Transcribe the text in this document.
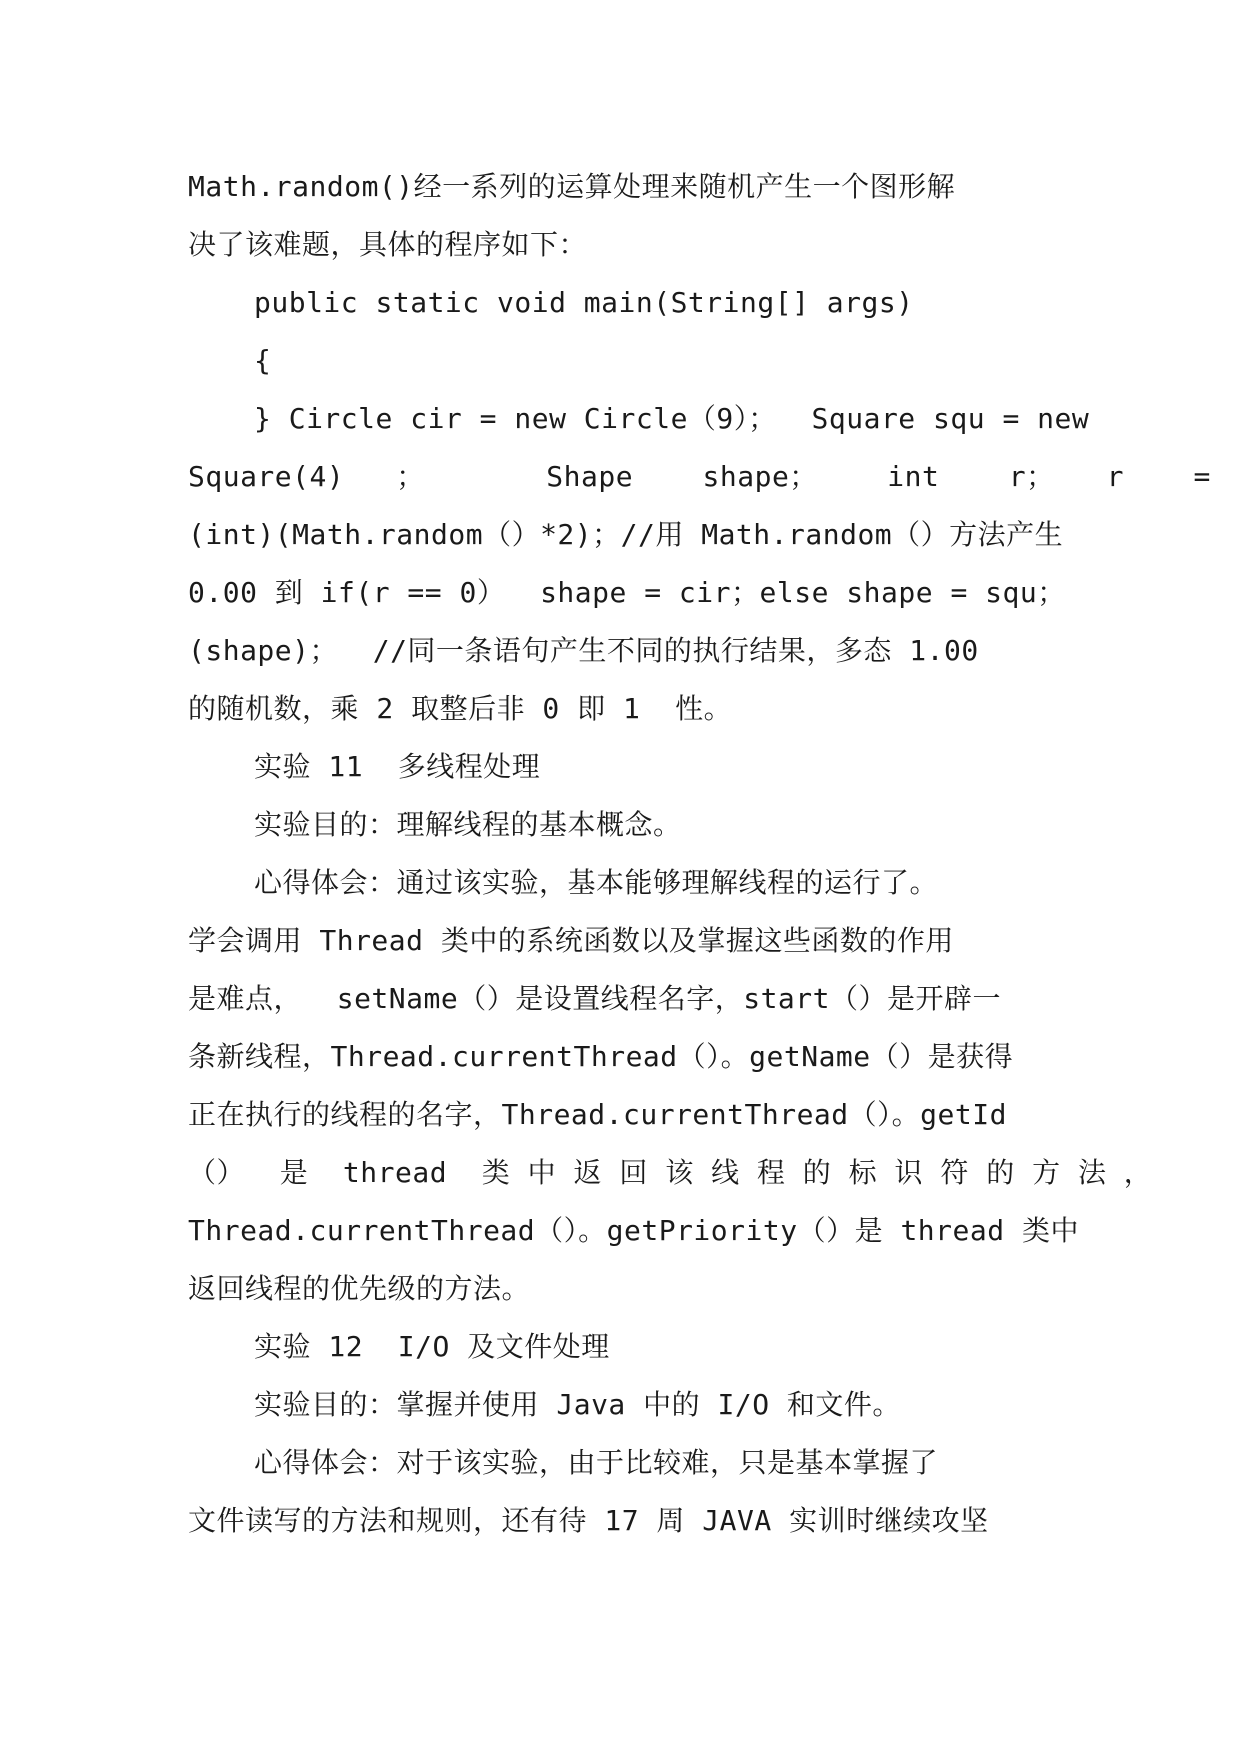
Math.random()经一系列的运算处理来随机产生一个图形解
决了该难题，具体的程序如下：
public static void main(String[] args)
{
} Circle cir = new Circle（9）；  Square squ = new
Square(4)   ；       Shape    shape；    int    r；   r    =
(int)(Math.random（）*2)；//用 Math.random（）方法产生
0.00 到 if(r == 0）  shape = cir；else shape = squ；
(shape)；  //同一条语句产生不同的执行结果，多态 1.00
的随机数，乘 2 取整后非 0 即 1  性。
实验 11  多线程处理
实验目的：理解线程的基本概念。
心得体会：通过该实验，基本能够理解线程的运行了。
学会调用 Thread 类中的系统函数以及掌握这些函数的作用
是难点，  setName（）是设置线程名字，start（）是开辟一
条新线程，Thread.currentThread（）。getName（）是获得
正在执行的线程的名字，Thread.currentThread（）。getId
（）  是  thread  类 中 返 回 该 线 程 的 标 识 符 的 方 法 ，
Thread.currentThread（）。getPriority（）是 thread 类中
返回线程的优先级的方法。
实验 12  I/O 及文件处理
实验目的：掌握并使用 Java 中的 I/O 和文件。
心得体会：对于该实验，由于比较难，只是基本掌握了
文件读写的方法和规则，还有待 17 周 JAVA 实训时继续攻坚
